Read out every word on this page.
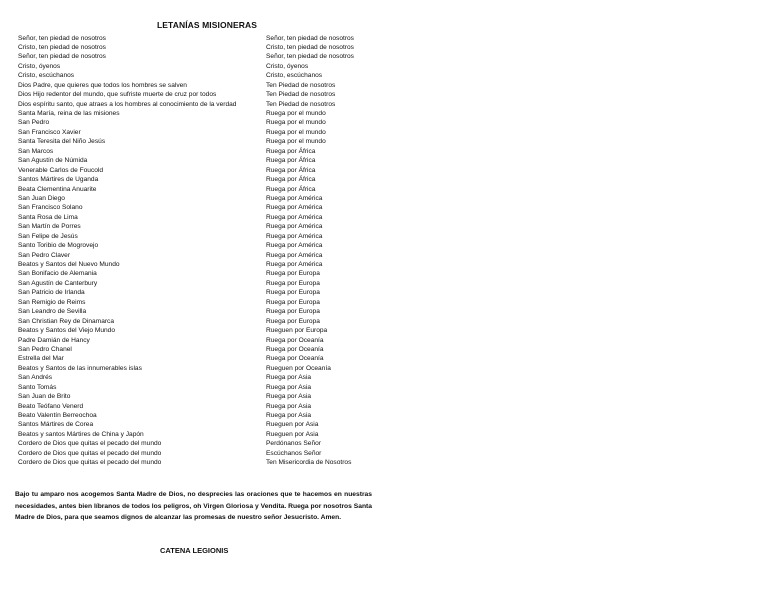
LETANÍAS MISIONERAS
Señor, ten piedad de nosotros	Señor, ten piedad de nosotros
Cristo, ten piedad de nosotros	Cristo, ten piedad de nosotros
Señor, ten piedad de nosotros	Señor, ten piedad de nosotros
Cristo, óyenos	Cristo, óyenos
Cristo, escúchanos	Cristo, escúchanos
Dios Padre, que quieres que todos los hombres se salven	Ten Piedad de nosotros
Dios Hijo redentor del mundo, que sufriste muerte de cruz por todos	Ten Piedad de nosotros
Dios espíritu santo, que atraes a los hombres al conocimiento de la verdad	Ten Piedad de nosotros
Santa María, reina de las misiones	Ruega por el mundo
San Pedro	Ruega por el mundo
San Francisco Xavier	Ruega por el mundo
Santa Teresita del Niño Jesús	Ruega por el mundo
San Marcos	Ruega por África
San Agustín de Númida	Ruega por África
Venerable Carlos de Foucold	Ruega por África
Santos Mártires de Uganda	Ruega por África
Beata Clementina Anuarite	Ruega por África
San Juan Diego	Ruega por América
San Francisco Solano	Ruega por América
Santa Rosa de Lima	Ruega por América
San Martín de Porres	Ruega por América
San Felipe de Jesús	Ruega por América
Santo Toribio de Mogrovejo	Ruega por América
San Pedro Claver	Ruega por América
Beatos y Santos del Nuevo Mundo	Ruega por América
San Bonifacio de Alemania	Ruega por Europa
San Agustín de Canterbury	Ruega por Europa
San Patricio de Irlanda	Ruega por Europa
San Remigio de Reims	Ruega por Europa
San Leandro de Sevilla	Ruega por Europa
San Christian Rey de Dinamarca	Ruega por Europa
Beatos y Santos del Viejo Mundo	Rueguen por Europa
Padre Damián de Hancy	Ruega por Oceanía
San Pedro Chanel	Ruega por Oceanía
Estrella del Mar	Ruega por Oceanía
Beatos y Santos de las innumerables islas	Rueguen por Oceanía
San Andrés	Ruega por Asia
Santo Tomás	Ruega por Asia
San Juan de Brito	Ruega por Asia
Beato Teófano Venerd	Ruega por Asia
Beato Valentín Berreochoa	Ruega por Asia
Santos Mártires de Corea	Rueguen por Asia
Beatos y santos Mártires de China y Japón	Rueguen por Asia
Cordero de Dios que quitas el pecado del mundo	Perdónanos Señor
Cordero de Dios que quitas el pecado del mundo	Escúchanos Señor
Cordero de Dios que quitas el pecado del mundo	Ten Misericordia de Nosotros
Bajo tu amparo nos acogemos Santa Madre de Dios, no desprecies las oraciones que te hacemos en nuestras necesidades, antes bien líbranos de todos los peligros, oh Virgen Gloriosa y Vendita. Ruega por nosotros Santa Madre de Dios, para que seamos dignos de alcanzar las promesas de nuestro señor Jesucristo. Amen.
CATENA LEGIONIS
